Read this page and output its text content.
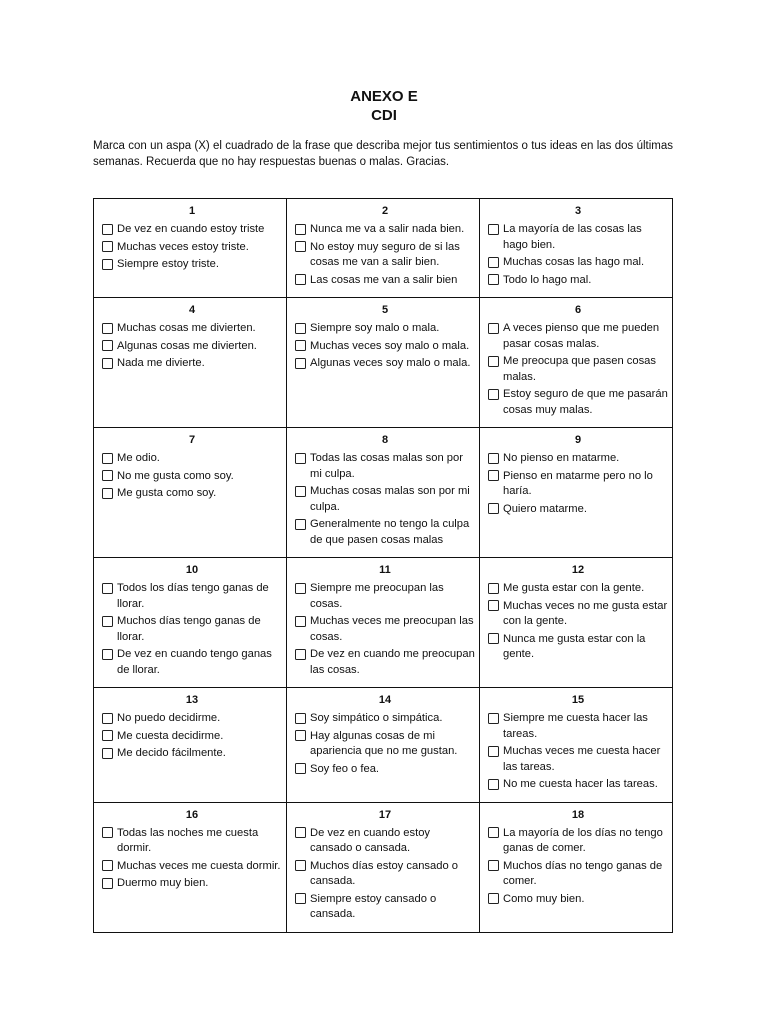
ANEXO E
CDI
Marca con un aspa (X) el cuadrado de la frase que describa mejor tus sentimientos o tus ideas en las dos últimas semanas. Recuerda que no hay respuestas buenas o malas. Gracias.
1
De vez en cuando estoy triste
Muchas veces estoy triste.
Siempre estoy triste.
2
Nunca me va a salir nada bien.
No estoy muy seguro de si las cosas me van a salir bien.
Las cosas me van a salir bien
3
La mayoría de las cosas las hago bien.
Muchas cosas las hago mal.
Todo lo hago mal.
4
Muchas cosas me divierten.
Algunas cosas me divierten.
Nada me divierte.
5
Siempre soy malo o mala.
Muchas veces soy malo o mala.
Algunas veces soy malo o mala.
6
A veces pienso que me pueden pasar cosas malas.
Me preocupa que pasen cosas malas.
Estoy seguro de que me pasarán cosas muy malas.
7
Me odio.
No me gusta como soy.
Me gusta como soy.
8
Todas las cosas malas son por mi culpa.
Muchas cosas malas son por mi culpa.
Generalmente no tengo la culpa de que pasen cosas malas
9
No pienso en matarme.
Pienso en matarme pero no lo haría.
Quiero matarme.
10
Todos los días tengo ganas de llorar.
Muchos días tengo ganas de llorar.
De vez en cuando tengo ganas de llorar.
11
Siempre me preocupan las cosas.
Muchas veces me preocupan las cosas.
De vez en cuando me preocupan las cosas.
12
Me gusta estar con la gente.
Muchas veces no me gusta estar con la gente.
Nunca me gusta estar con la gente.
13
No puedo decidirme.
Me cuesta decidirme.
Me decido fácilmente.
14
Soy simpático o simpática.
Hay algunas cosas de mi apariencia que no me gustan.
Soy feo o fea.
15
Siempre me cuesta hacer las tareas.
Muchas veces me cuesta hacer las tareas.
No me cuesta hacer las tareas.
16
Todas las noches me cuesta dormir.
Muchas veces me cuesta dormir.
Duermo muy bien.
17
De vez en cuando estoy cansado o cansada.
Muchos días estoy cansado o cansada.
Siempre estoy cansado o cansada.
18
La mayoría de los días no tengo ganas de comer.
Muchos días no tengo ganas de comer.
Como muy bien.
